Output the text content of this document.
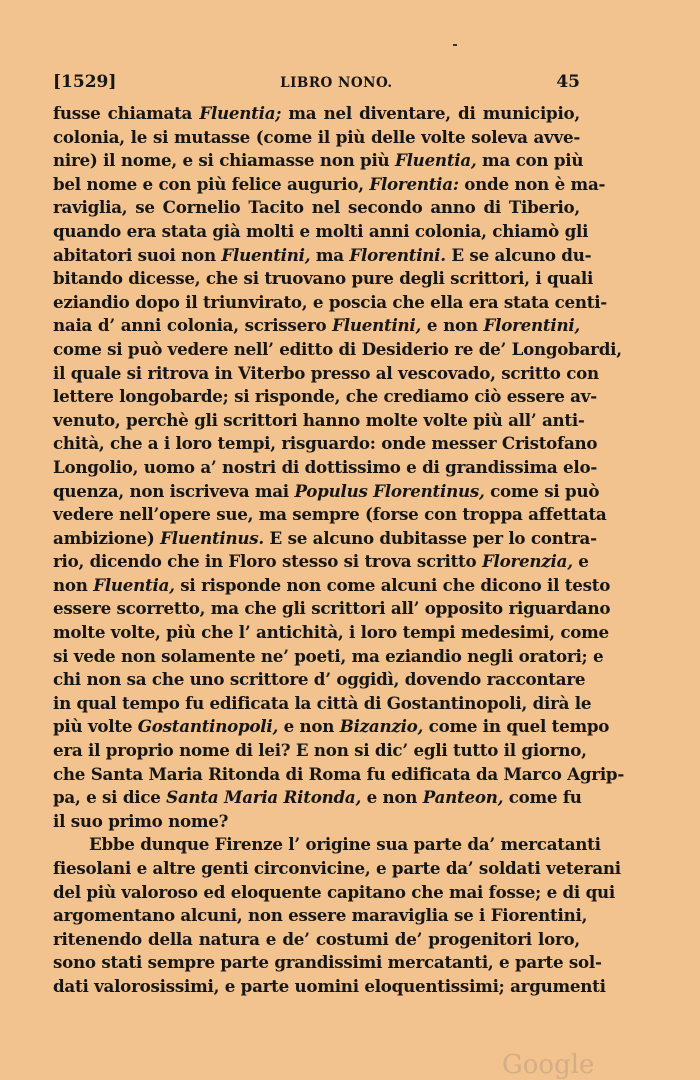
[1529]	LIBRO NONO.	45
fusse chiamata Fluentia; ma nel diventare, di municipio,
colonia, le si mutasse (come il più delle volte soleva avve-
nire) il nome, e si chiamasse non più Fluentia, ma con più
bel nome e con più felice augurio, Florentia: onde non è ma-
raviglia, se Cornelio Tacito nel secondo anno di Tiberio,
quando era stata già molti e molti anni colonia, chiamò gli
abitatori suoi non Fluentini, ma Florentini. E se alcuno du-
bitando dicesse, che si truovano pure degli scrittori, i quali
eziandio dopo il triunvirato, e poscia che ella era stata centi-
naia d’ anni colonia, scrissero Fluentini, e non Florentini,
come si può vedere nell’ editto di Desiderio re de’ Longobardi,
il quale si ritrova in Viterbo presso al vescovado, scritto con
lettere longobarde; si risponde, che crediamo ciò essere av-
venuto, perchè gli scrittori hanno molte volte più all’ anti-
chità, che a i loro tempi, risguardo: onde messer Cristofano
Longolio, uomo a’ nostri di dottissimo e di grandissima elo-
quenza, non iscriveva mai Populus Florentinus, come si può
vedere nell’opere sue, ma sempre (forse con troppa affettata
ambizione) Fluentinus. E se alcuno dubitasse per lo contra-
rio, dicendo che in Floro stesso si trova scritto Florenzia, e
non Fluentia, si risponde non come alcuni che dicono il testo
essere scorretto, ma che gli scrittori all’ opposito riguardano
molte volte, più che l’ antichità, i loro tempi medesimi, come
si vede non solamente ne’ poeti, ma eziandio negli oratori; e
chi non sa che uno scrittore d’ oggidì, dovendo raccontare
in qual tempo fu edificata la città di Gostantinopoli, dirà le
più volte Gostantinopoli, e non Bizanzio, come in quel tempo
era il proprio nome di lei? E non si dic’ egli tutto il giorno,
che Santa Maria Ritonda di Roma fu edificata da Marco Agrip-
pa, e si dice Santa Maria Ritonda, e non Panteon, come fu
il suo primo nome?
Ebbe dunque Firenze l’ origine sua parte da’ mercatanti
fiesolani e altre genti circonvicine, e parte da’ soldati veterani
del più valoroso ed eloquente capitano che mai fosse; e di qui
argomentano alcuni, non essere maraviglia se i Fiorentini,
ritenendo della natura e de’ costumi de’ progenitori loro,
sono stati sempre parte grandissimi mercatanti, e parte sol-
dati valorosissimi, e parte uomini eloquentissimi; argumenti
Google
